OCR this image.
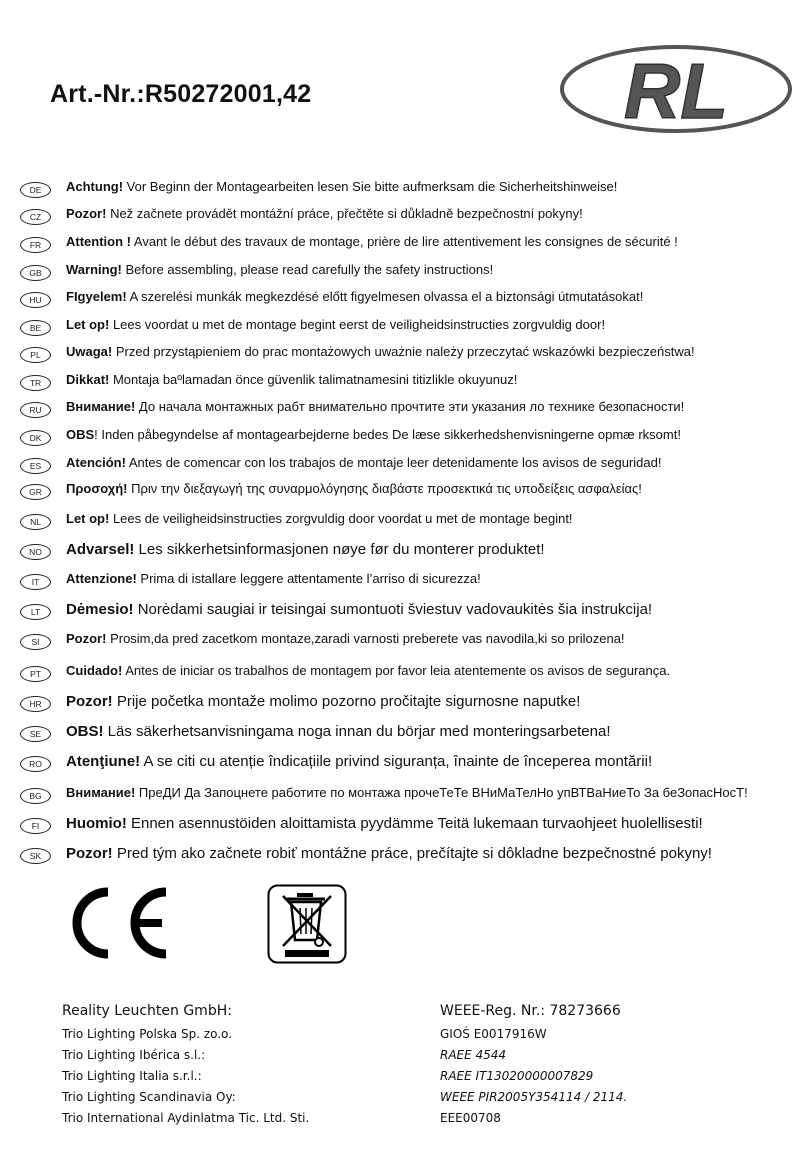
Art.-Nr.:R50272001,42	RL
DE	Achtung! Vor Beginn der Montagearbeiten lesen Sie bitte aufmerksam die Sicherheitshinweise!
CZ	Pozor! Než začnete provádět montážní práce, přečtěte si důkladně bezpečnostní pokyny!
FR	Attention ! Avant le début des travaux de montage, prière de lire attentivement les consignes de sécurité !
GB	Warning! Before assembling, please read carefully the safety instructions!
HU	FIgyelem! A szerelési munkák megkezdésé előtt figyelmesen olvassa el a biztonsági útmutatásokat!
BE	Let op! Lees voordat u met de montage begint eerst de veiligheidsinstructies zorgvuldig door!
PL	Uwaga! Przed przystąpieniem do prac montażowych uważnie należy przeczytać wskazówki bezpieczeństwa!
TR	Dikkat! Montaja baºlamadan önce güvenlik talimatnamesini titizlikle okuyunuz!
RU	Внимание! До начала монтажных рабт внимательно прочтите эти указания ло технике безопасности!
DK	OBS! Inden påbegyndelse af montagearbejderne bedes De læse sikkerhedshenvisningerne opmæ rksomt!
ES	Atención! Antes de comencar con los trabajos de montaje leer detenidamente los avisos de seguridad!
GR	Προσοχή! Πριν την διεξαγωγή της συναρμολόγησης διαβάστε προσεκτικά τις υποδείξεις ασφαλείας!
NL	Let op! Lees de veiligheidsinstructies zorgvuldig door voordat u met de montage begint!
NO	Advarsel! Les sikkerhetsinformasjonen nøye før du monterer produktet!
IT	Attenzione! Prima di istallare leggere attentamente l’arriso di sicurezza!
LT	Dėmesio! Norėdami saugiai ir teisingai sumontuoti šviestuv vadovaukitės šia instrukcija!
SI	Pozor! Prosim,da pred zacetkom montaze,zaradi varnosti preberete vas navodila,ki so prilozena!
PT	Cuidado! Antes de iniciar os trabalhos de montagem por favor leia atentemente os avisos de segurança.
HR	Pozor! Prije početka montaže molimo pozorno pročitajte sigurnosne naputke!
SE	OBS! Läs säkerhetsanvisningama noga innan du börjar med monteringsarbetena!
RO	Atenţiune! A se citi cu atenție îndicațiile privind siguranța, înainte de începerea montării!
BG	Внимание! ПреДИ Да Запоцнете работите по монтажа прочеТеТе ВНиМаТелНо упВТВаНиеТо За беЗопасНосТ!
FI	Huomio! Ennen asennustöiden aloittamista pyydämme Teitä lukemaan turvaohjeet huolellisesti!
SK	Pozor! Pred tým ako začnete robiť montážne práce, prečítajte si dôkladne bezpečnostné pokyny!
Reality Leuchten GmbH:	WEEE-Reg. Nr.: 78273666
Trio Lighting Polska Sp. zo.o.	GIOŚ E0017916W
Trio Lighting Ibérica s.l.:	RAEE 4544
Trio Lighting Italia s.r.l.:	RAEE IT13020000007829
Trio Lighting Scandinavia Oy:	WEEE PIR2005Y354114 / 2114.
Trio International Aydinlatma Tic. Ltd. Sti.	EEE00708
